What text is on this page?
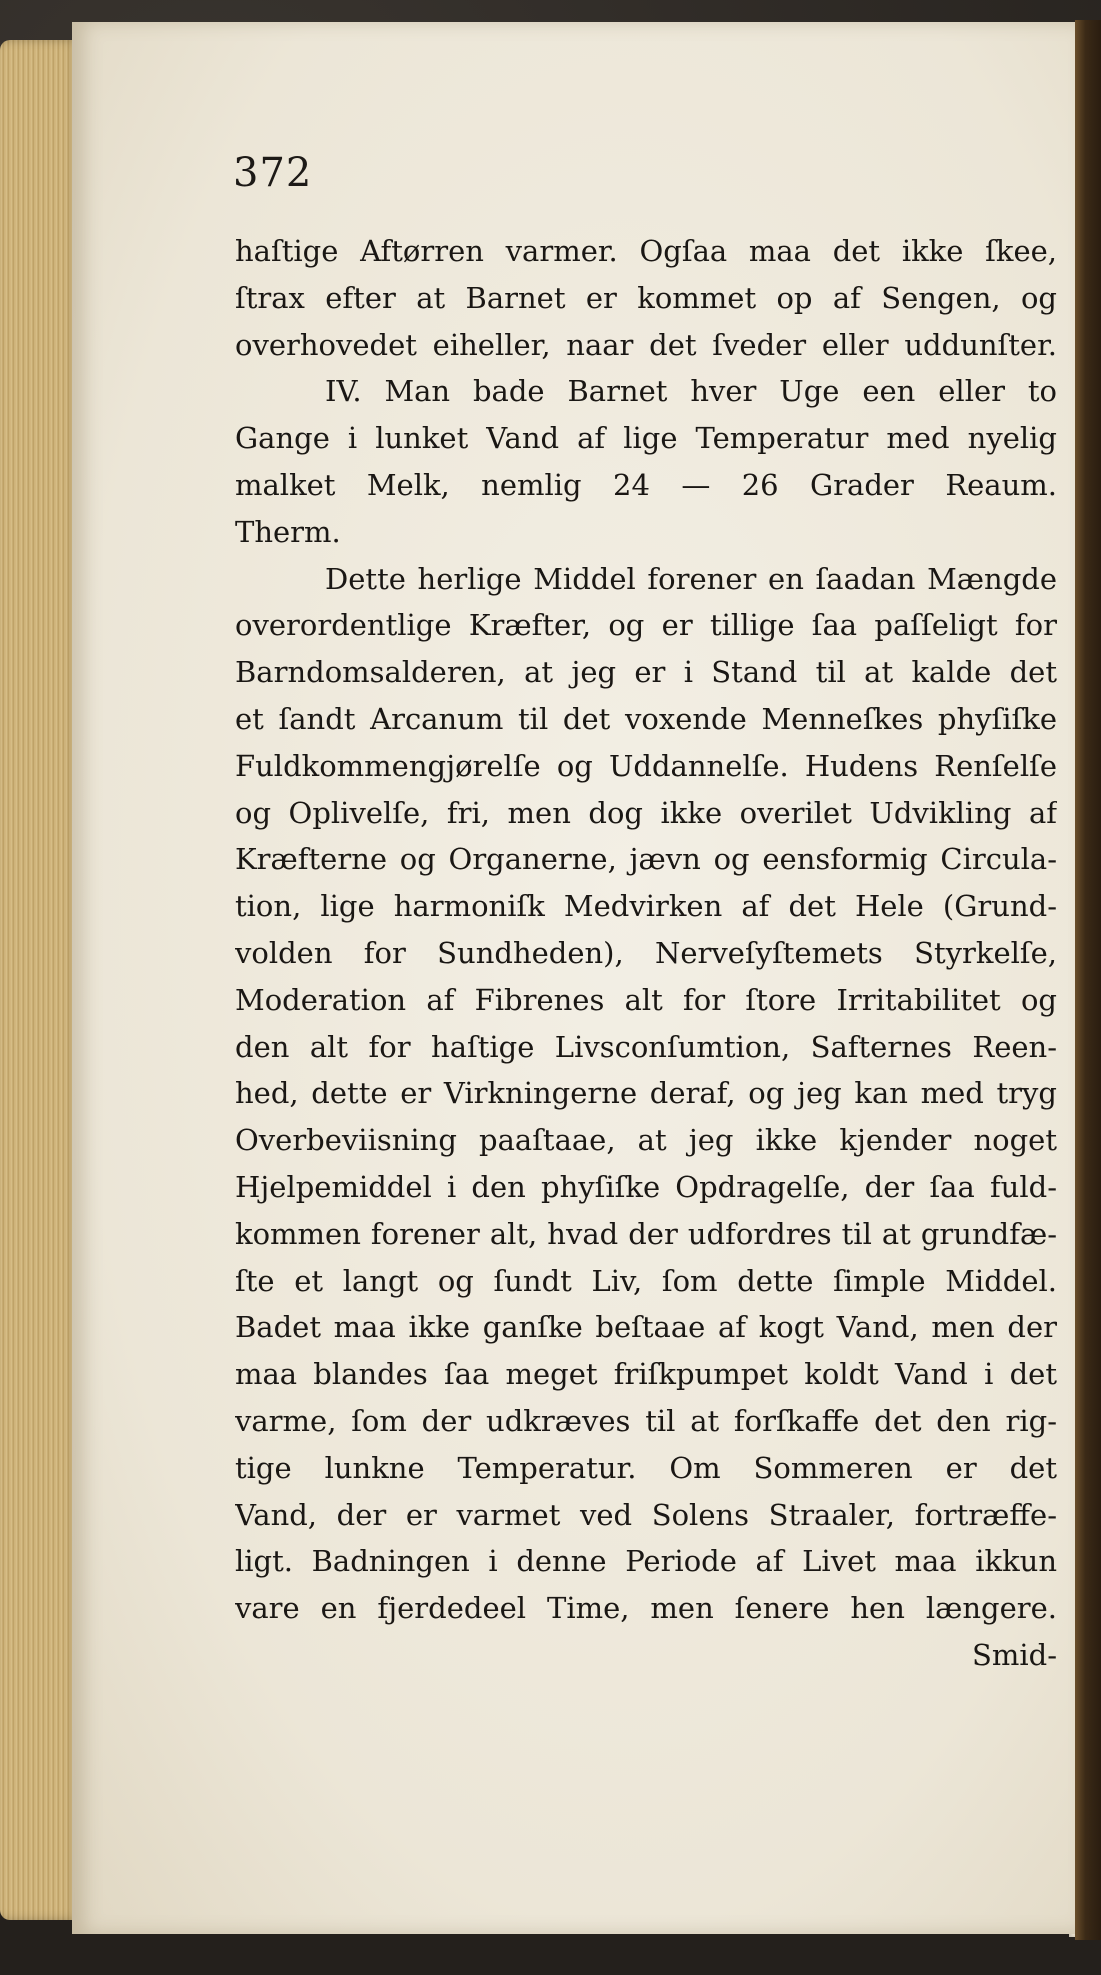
372
haſtige Aftørren varmer. Ogſaa maa det ikke ſkee,
ſtrax efter at Barnet er kommet op af Sengen, og
overhovedet eiheller, naar det ſveder eller uddunſter.
IV. Man bade Barnet hver Uge een eller to
Gange i lunket Vand af lige Temperatur med nyelig
malket Melk, nemlig 24 — 26 Grader Reaum.
Therm.
Dette herlige Middel forener en ſaadan Mængde
overordentlige Kræfter, og er tillige ſaa paſſeligt for
Barndomsalderen, at jeg er i Stand til at kalde det
et ſandt Arcanum til det voxende Menneſkes phyſiſke
Fuldkommengjørelſe og Uddannelſe. Hudens Renſelſe
og Oplivelſe, fri, men dog ikke overilet Udvikling af
Kræfterne og Organerne, jævn og eensformig Circula-
tion, lige harmoniſk Medvirken af det Hele (Grund-
volden for Sundheden), Nerveſyſtemets Styrkelſe,
Moderation af Fibrenes alt for ſtore Irritabilitet og
den alt for haſtige Livsconſumtion, Safternes Reen-
hed, dette er Virkningerne deraf, og jeg kan med tryg
Overbeviisning paaſtaae, at jeg ikke kjender noget
Hjelpemiddel i den phyſiſke Opdragelſe, der ſaa fuld-
kommen forener alt, hvad der udfordres til at grundfæ-
ſte et langt og ſundt Liv, ſom dette ſimple Middel.
Badet maa ikke ganſke beſtaae af kogt Vand, men der
maa blandes ſaa meget friſkpumpet koldt Vand i det
varme, ſom der udkræves til at forſkaffe det den rig-
tige lunkne Temperatur. Om Sommeren er det
Vand, der er varmet ved Solens Straaler, fortræffe-
ligt. Badningen i denne Periode af Livet maa ikkun
vare en fjerdedeel Time, men ſenere hen længere.
Smid-
